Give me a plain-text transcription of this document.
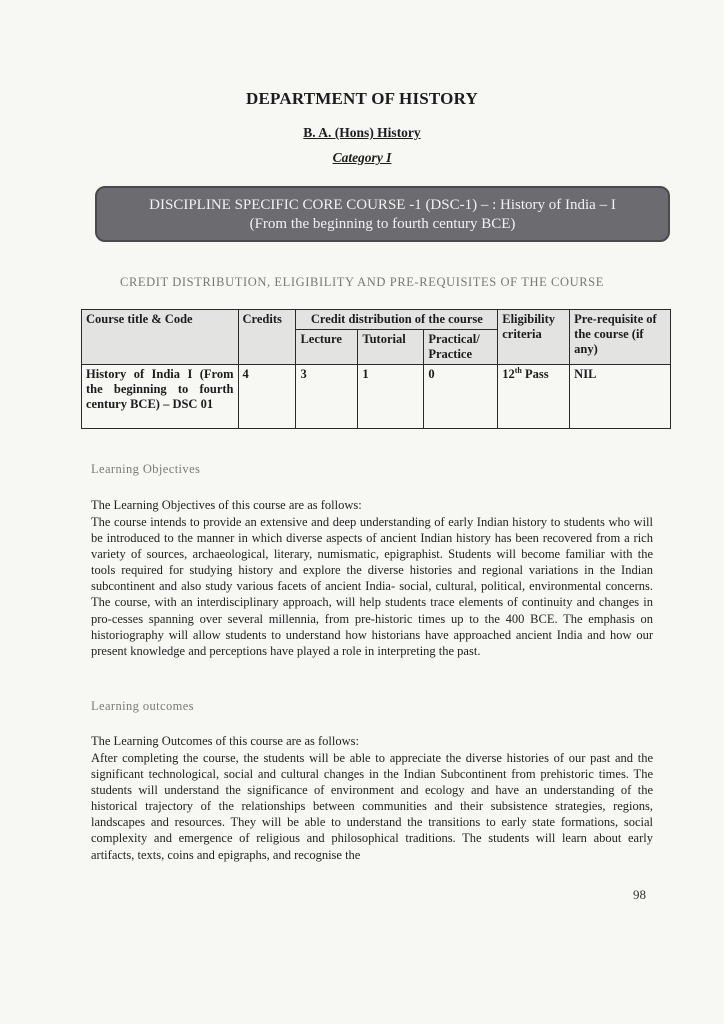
DEPARTMENT OF HISTORY
B. A. (Hons) History
Category I
DISCIPLINE SPECIFIC CORE COURSE -1 (DSC-1) – : History of India – I
(From the beginning to fourth century BCE)
CREDIT DISTRIBUTION, ELIGIBILITY AND PRE-REQUISITES OF THE COURSE
Course title & Code	Credits	Credit distribution of the course			Eligibility criteria	Pre-requisite of the course (if any)
		Lecture	Tutorial	Practical/ Practice		
History of India I (From the beginning to fourth century BCE) – DSC 01	4	3	1	0	12th Pass	NIL
Learning Objectives
The Learning Objectives of this course are as follows:
The course intends to provide an extensive and deep understanding of early Indian history to students who will be introduced to the manner in which diverse aspects of ancient Indian history has been recovered from a rich variety of sources, archaeological, literary, numismatic, epigraphist. Students will become familiar with the tools required for studying history and explore the diverse histories and regional variations in the Indian subcontinent and also study various facets of ancient India- social, cultural, political, environmental concerns. The course, with an interdisciplinary approach, will help students trace elements of continuity and changes in pro-cesses spanning over several millennia, from pre-historic times up to the 400 BCE. The emphasis on historiography will allow students to understand how historians have approached ancient India and how our present knowledge and perceptions have played a role in interpreting the past.
Learning outcomes
The Learning Outcomes of this course are as follows:
After completing the course, the students will be able to appreciate the diverse histories of our past and the significant technological, social and cultural changes in the Indian Subcontinent from prehistoric times. The students will understand the significance of environment and ecology and have an understanding of the historical trajectory of the relationships between communities and their subsistence strategies, regions, landscapes and resources. They will be able to understand the transitions to early state formations, social complexity and emergence of religious and philosophical traditions. The students will learn about early artifacts, texts, coins and epigraphs, and recognise the
98
